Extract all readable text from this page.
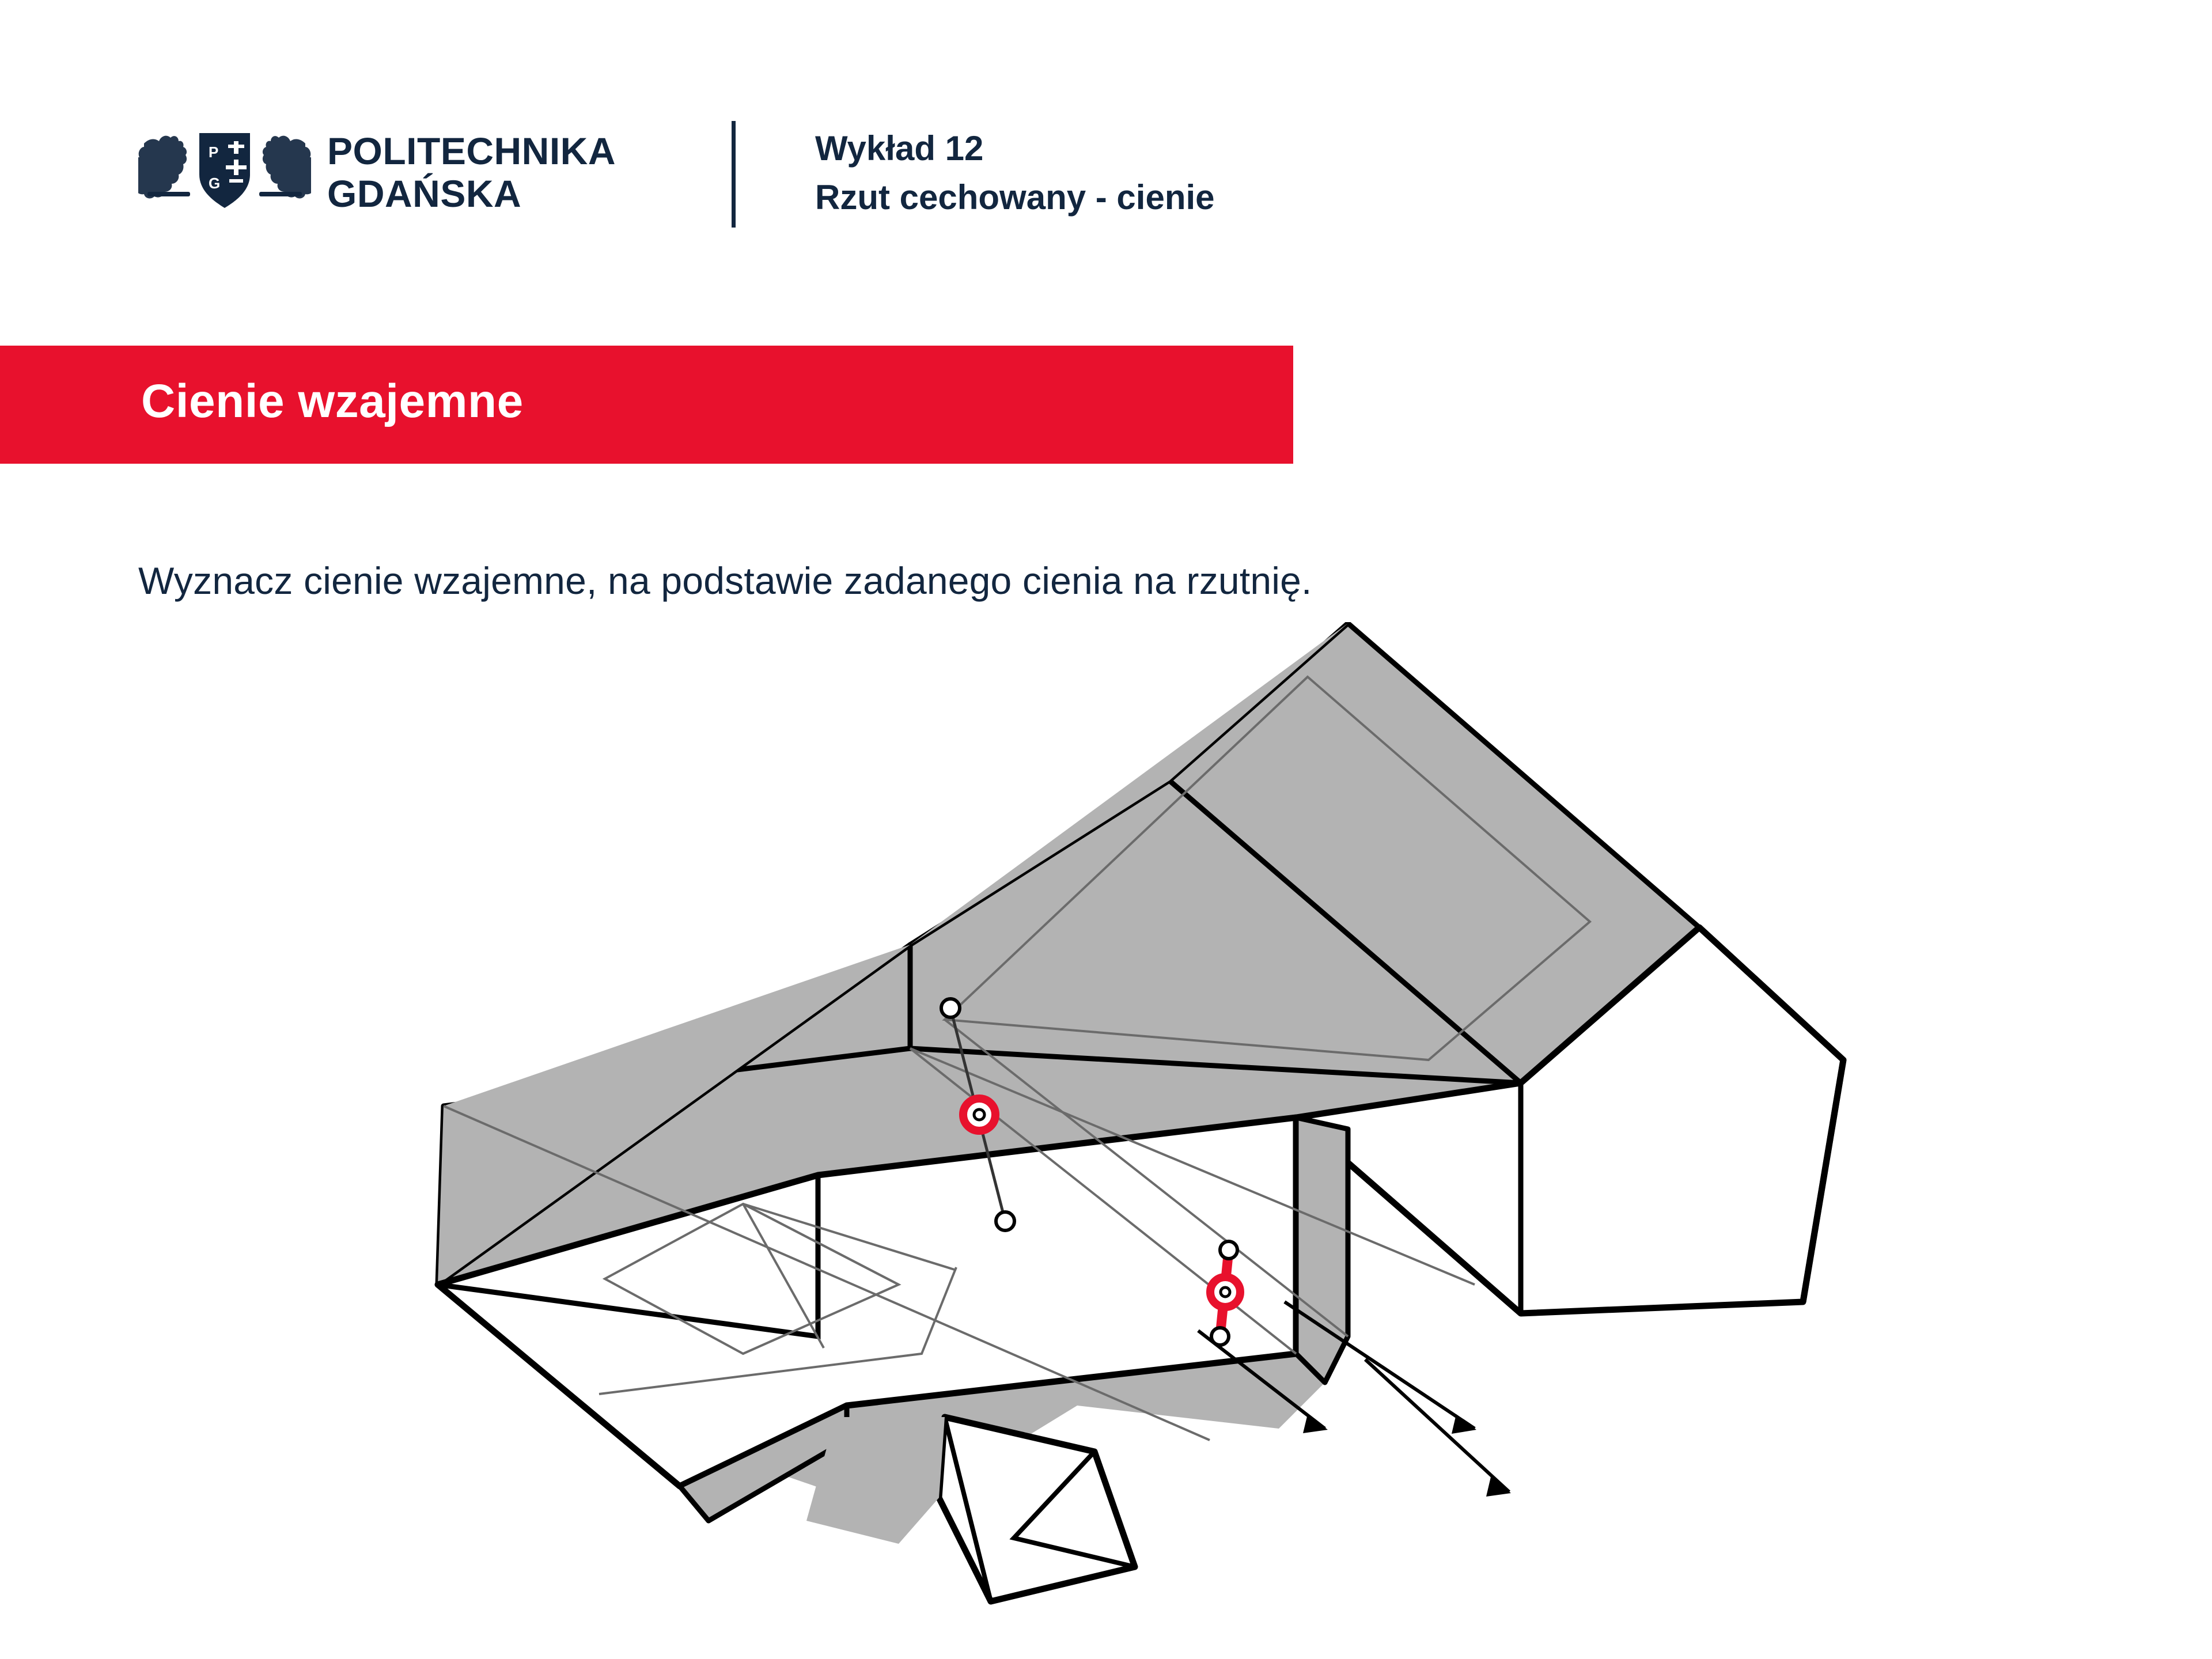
P
G
POLITECHNIKA
GDAŃSKA
Wykład 12
Rzut cechowany - cienie
Cienie wzajemne
Wyznacz cienie wzajemne, na podstawie zadanego cienia na rzutnię.
